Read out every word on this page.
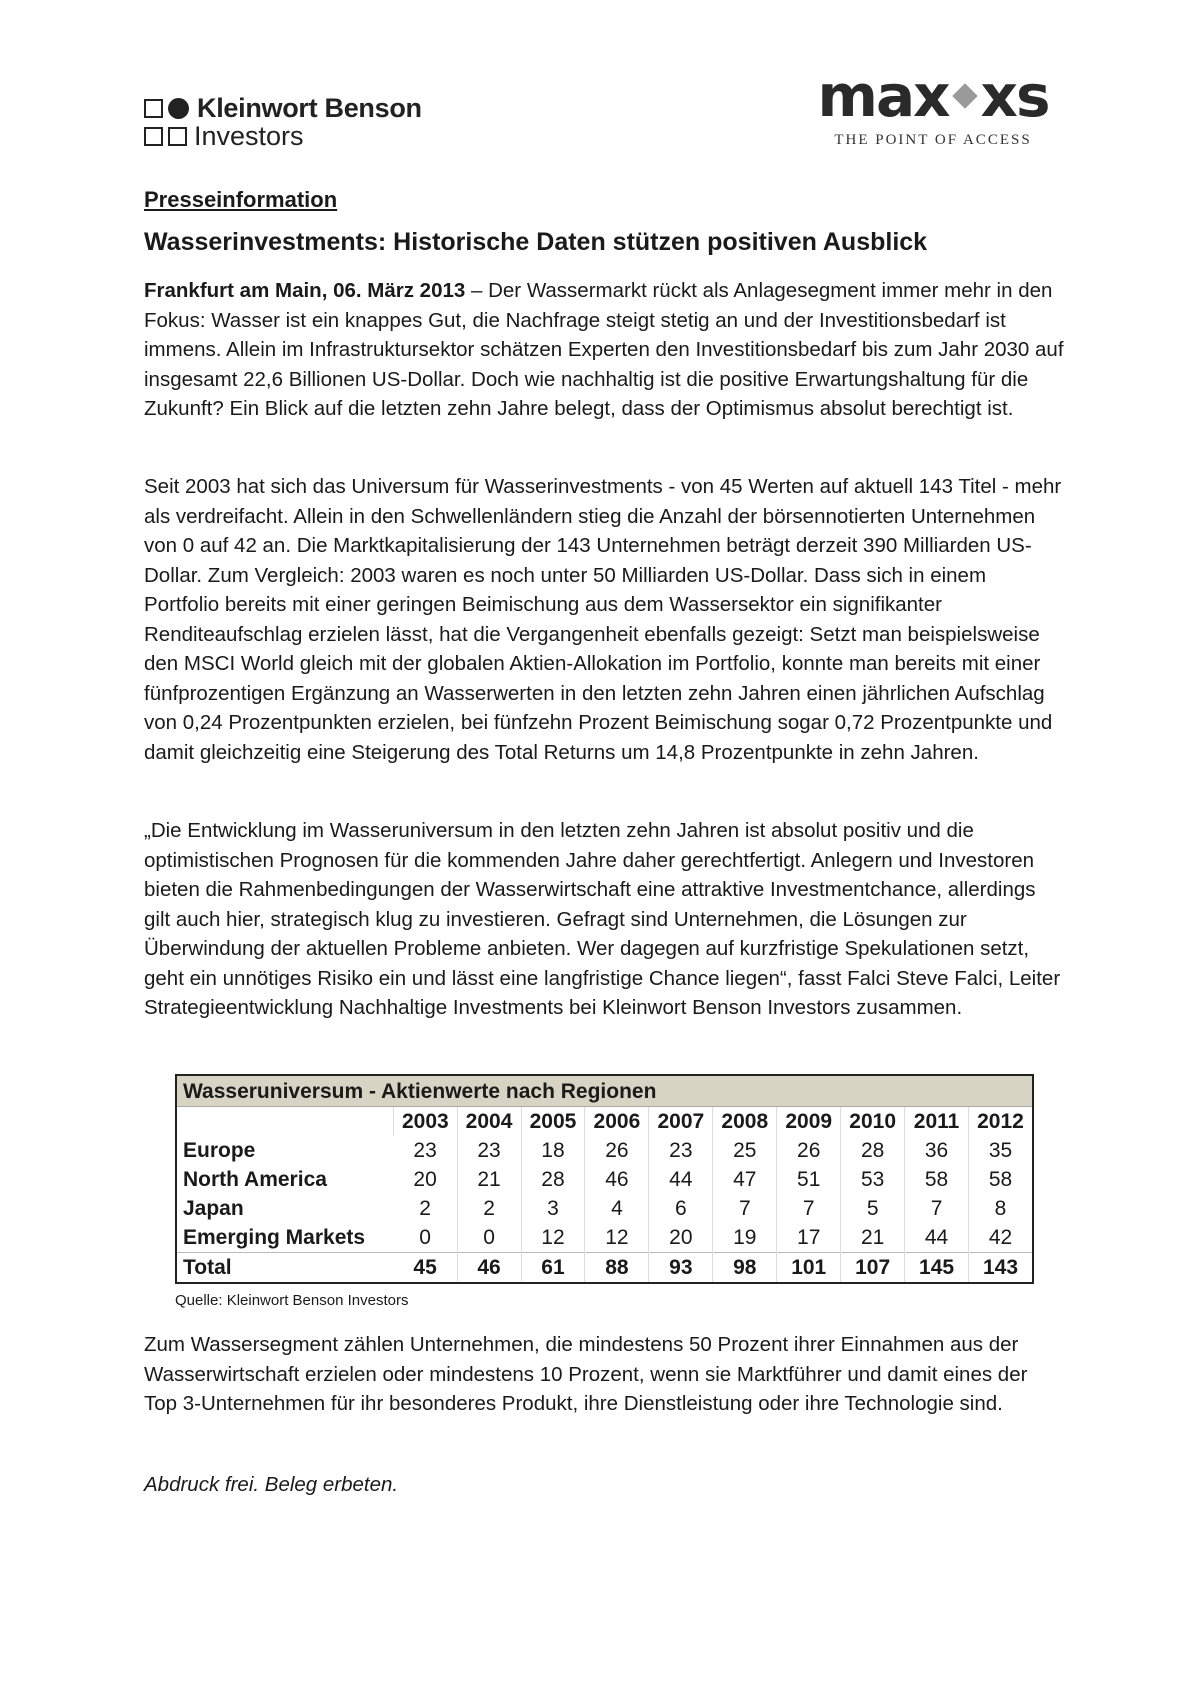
Kleinwort Benson
Investors
max xs
THE POINT OF ACCESS
Presseinformation
Wasserinvestments: Historische Daten stützen positiven Ausblick

Frankfurt am Main, 06. März 2013 – Der Wassermarkt rückt als Anlagesegment immer mehr in den Fokus: Wasser ist ein knappes Gut, die Nachfrage steigt stetig an und der Investitionsbedarf ist immens. Allein im Infrastruktursektor schätzen Experten den Investitionsbedarf bis zum Jahr 2030 auf insgesamt 22,6 Billionen US-Dollar. Doch wie nachhaltig ist die positive Erwartungshaltung für die Zukunft? Ein Blick auf die letzten zehn Jahre belegt, dass der Optimismus absolut berechtigt ist.

Seit 2003 hat sich das Universum für Wasserinvestments - von 45 Werten auf aktuell 143 Titel - mehr als verdreifacht. Allein in den Schwellenländern stieg die Anzahl der börsennotierten Unternehmen von 0 auf 42 an. Die Marktkapitalisierung der 143 Unternehmen beträgt derzeit 390 Milliarden US-Dollar. Zum Vergleich: 2003 waren es noch unter 50 Milliarden US-Dollar. Dass sich in einem Portfolio bereits mit einer geringen Beimischung aus dem Wassersektor ein signifikanter Renditeaufschlag erzielen lässt, hat die Vergangenheit ebenfalls gezeigt: Setzt man beispielsweise den MSCI World gleich mit der globalen Aktien-Allokation im Portfolio, konnte man bereits mit einer fünfprozentigen Ergänzung an Wasserwerten in den letzten zehn Jahren einen jährlichen Aufschlag von 0,24 Prozentpunkten erzielen, bei fünfzehn Prozent Beimischung sogar 0,72 Prozentpunkte und damit gleichzeitig eine Steigerung des Total Returns um 14,8 Prozentpunkte in zehn Jahren.

„Die Entwicklung im Wasseruniversum in den letzten zehn Jahren ist absolut positiv und die optimistischen Prognosen für die kommenden Jahre daher gerechtfertigt. Anlegern und Investoren bieten die Rahmenbedingungen der Wasserwirtschaft eine attraktive Investmentchance, allerdings gilt auch hier, strategisch klug zu investieren. Gefragt sind Unternehmen, die Lösungen zur Überwindung der aktuellen Probleme anbieten. Wer dagegen auf kurzfristige Spekulationen setzt, geht ein unnötiges Risiko ein und lässt eine langfristige Chance liegen“, fasst Falci Steve Falci, Leiter Strategieentwicklung Nachhaltige Investments bei Kleinwort Benson Investors zusammen.

Wasseruniversum - Aktienwerte nach Regionen
	2003	2004	2005	2006	2007	2008	2009	2010	2011	2012
Europe	23	23	18	26	23	25	26	28	36	35
North America	20	21	28	46	44	47	51	53	58	58
Japan	2	2	3	4	6	7	7	5	7	8
Emerging Markets	0	0	12	12	20	19	17	21	44	42
Total	45	46	61	88	93	98	101	107	145	143
Quelle: Kleinwort Benson Investors

Zum Wassersegment zählen Unternehmen, die mindestens 50 Prozent ihrer Einnahmen aus der Wasserwirtschaft erzielen oder mindestens 10 Prozent, wenn sie Marktführer und damit eines der Top 3-Unternehmen für ihr besonderes Produkt, ihre Dienstleistung oder ihre Technologie sind.

Abdruck frei. Beleg erbeten.
